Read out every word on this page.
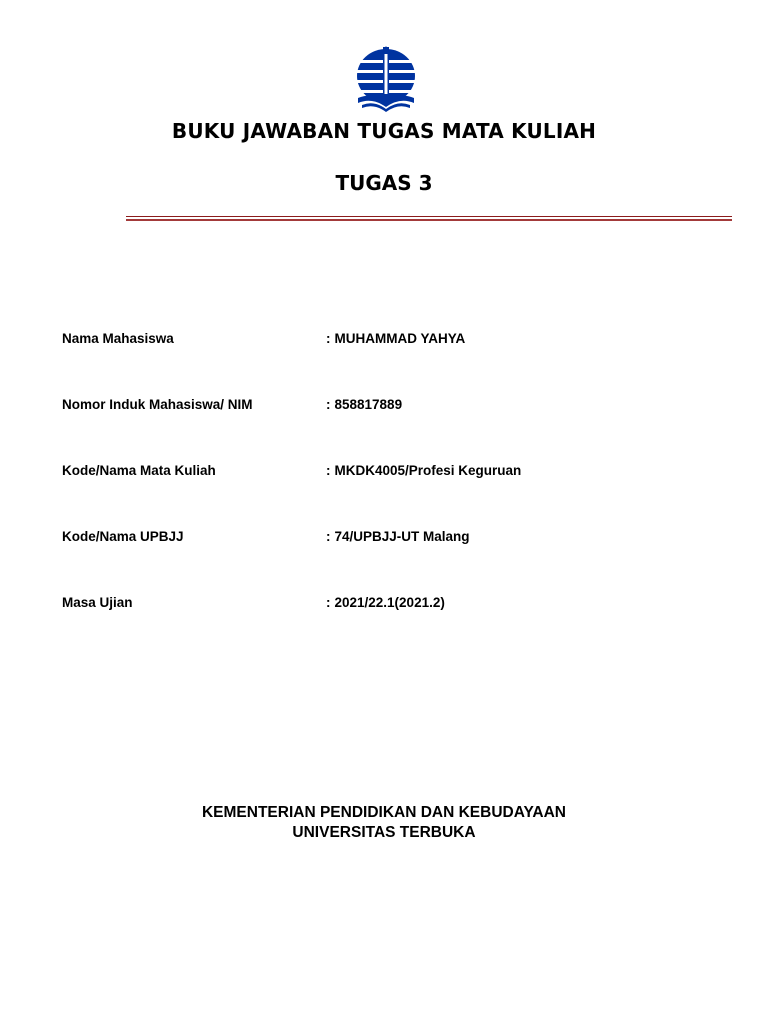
BUKU JAWABAN TUGAS MATA KULIAH
TUGAS 3
Nama Mahasiswa	: MUHAMMAD YAHYA
Nomor Induk Mahasiswa/ NIM	: 858817889
Kode/Nama Mata Kuliah	: MKDK4005/Profesi Keguruan
Kode/Nama UPBJJ	: 74/UPBJJ-UT Malang
Masa Ujian	: 2021/22.1(2021.2)

KEMENTERIAN PENDIDIKAN DAN KEBUDAYAAN

UNIVERSITAS TERBUKA
